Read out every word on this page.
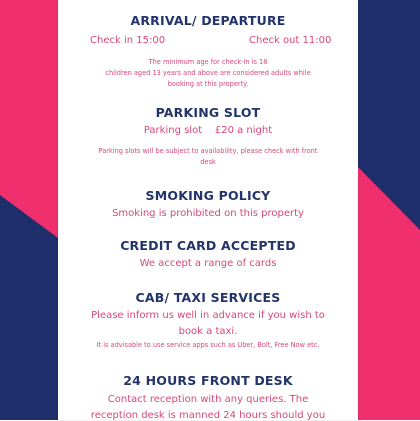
ARRIVAL/ DEPARTURE
Check in 15:00	Check out 11:00
The minimum age for check-in is 18
children aged 13 years and above are considered adults while
booking at this property.
PARKING SLOT
Parking slot    £20 a night
Parking slots will be subject to availability, please check with front
desk
SMOKING POLICY
Smoking is prohibited on this property
CREDIT CARD ACCEPTED
We accept a range of cards
CAB/ TAXI SERVICES
Please inform us well in advance if you wish to
book a taxi.
It is advisable to use service apps such as Uber, Bolt, Free Now etc.
24 HOURS FRONT DESK
Contact reception with any queries. The
reception desk is manned 24 hours should you
